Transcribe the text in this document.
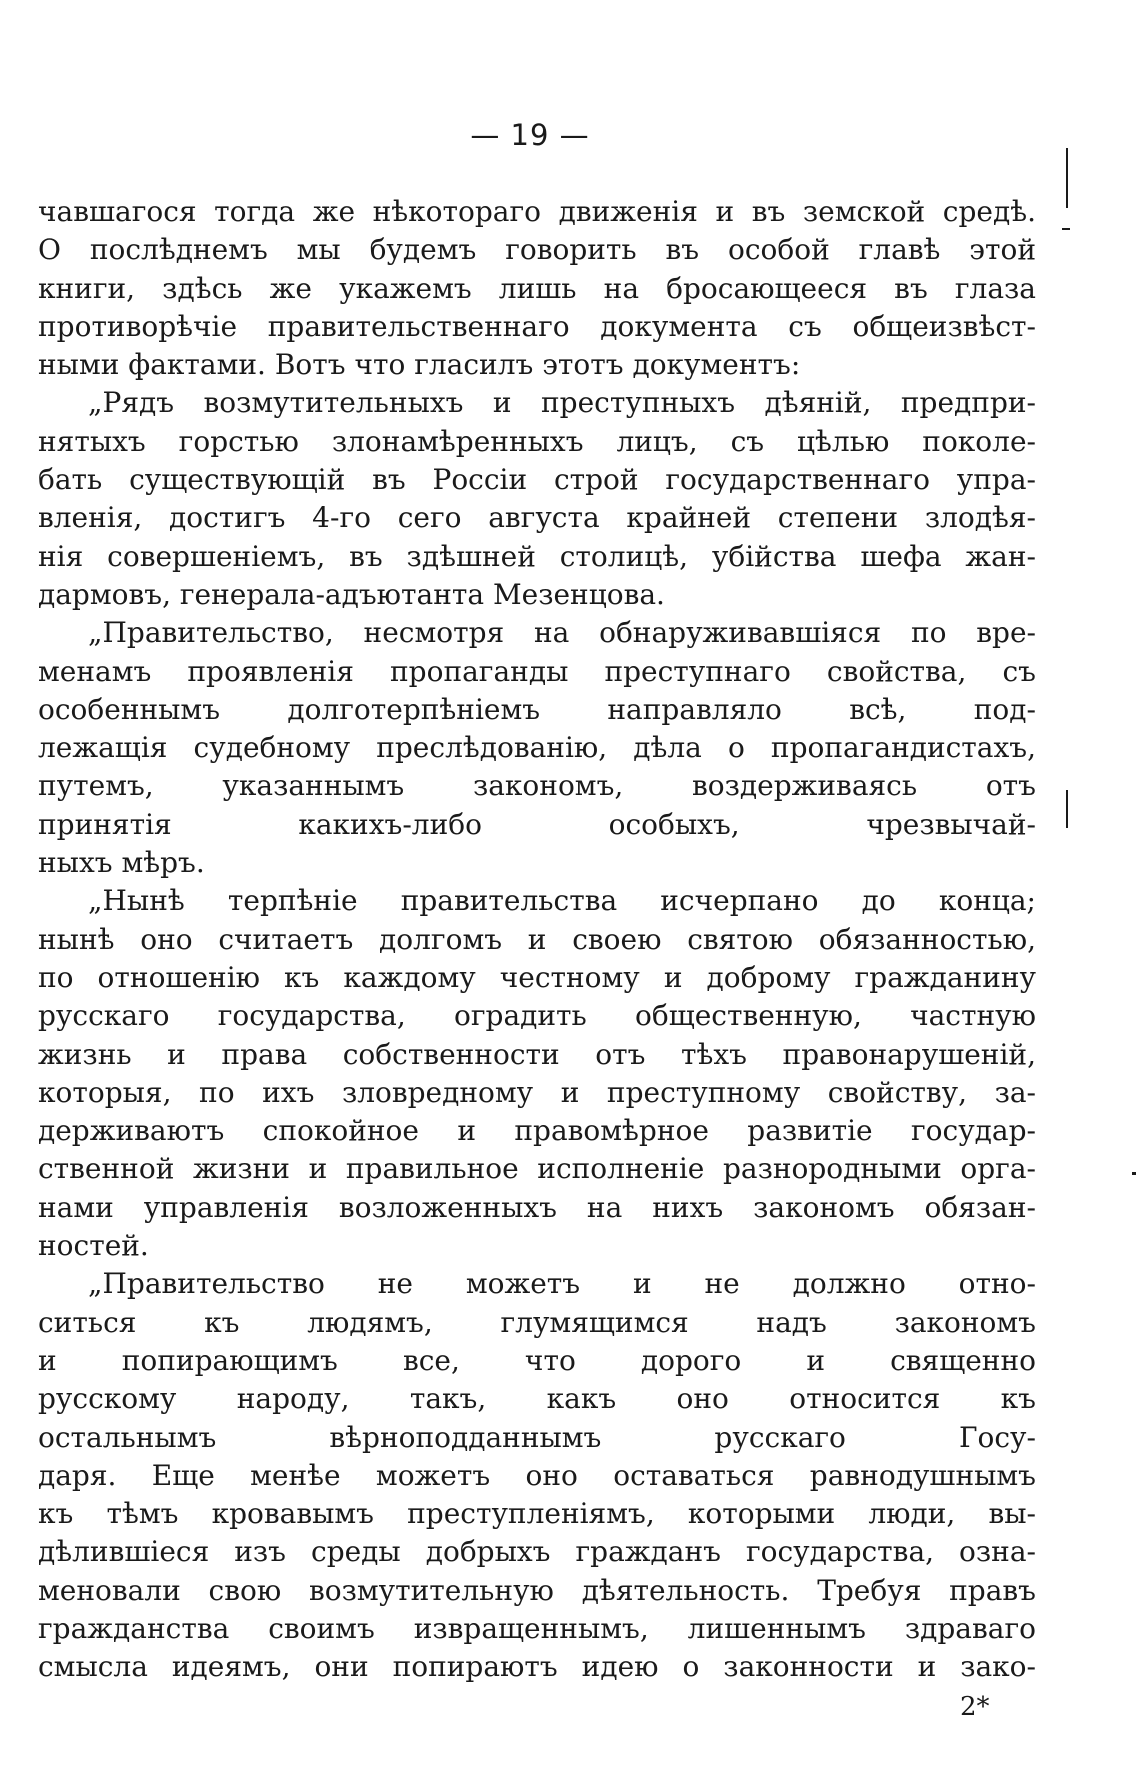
— 19 —
чавшагося тогда же нѣкотораго движенія и въ земской средѣ.
О послѣднемъ мы будемъ говорить въ особой главѣ этой
книги, здѣсь же укажемъ лишь на бросающееся въ глаза
противорѣчіе правительственнаго документа съ общеизвѣст-
ными фактами. Вотъ что гласилъ этотъ документъ:
„Рядъ возмутительныхъ и преступныхъ дѣяній, предпри-
нятыхъ горстью злонамѣренныхъ лицъ, съ цѣлью поколе-
бать существующій въ Россіи строй государственнаго упра-
вленія, достигъ 4-го сего августа крайней степени злодѣя-
нія совершеніемъ, въ здѣшней столицѣ, убійства шефа жан-
дармовъ, генерала-адъютанта Мезенцова.
„Правительство, несмотря на обнаруживавшіяся по вре-
менамъ проявленія пропаганды преступнаго свойства, съ
особеннымъ долготерпѣніемъ направляло всѣ, под-
лежащія судебному преслѣдованію, дѣла о пропагандистахъ,
путемъ, указаннымъ закономъ, воздерживаясь отъ
принятія какихъ-либо особыхъ, чрезвычай-
ныхъ мѣръ.
„Нынѣ терпѣніе правительства исчерпано до конца;
нынѣ оно считаетъ долгомъ и своею святою обязанностью,
по отношенію къ каждому честному и доброму гражданину
русскаго государства, оградить общественную, частную
жизнь и права собственности отъ тѣхъ правонарушеній,
которыя, по ихъ зловредному и преступному свойству, за-
держиваютъ спокойное и правомѣрное развитіе государ-
ственной жизни и правильное исполненіе разнородными орга-
нами управленія возложенныхъ на нихъ закономъ обязан-
ностей.
„Правительство не можетъ и не должно отно-
ситься къ людямъ, глумящимся надъ закономъ
и попирающимъ все, что дорого и священно
русскому народу, такъ, какъ оно относится къ
остальнымъ вѣрноподданнымъ русскаго Госу-
даря. Еще менѣе можетъ оно оставаться равнодушнымъ
къ тѣмъ кровавымъ преступленіямъ, которыми люди, вы-
дѣлившіеся изъ среды добрыхъ гражданъ государства, озна-
меновали свою возмутительную дѣятельность. Требуя правъ
гражданства своимъ извращеннымъ, лишеннымъ здраваго
смысла идеямъ, они попираютъ идею о законности и зако-
2*
